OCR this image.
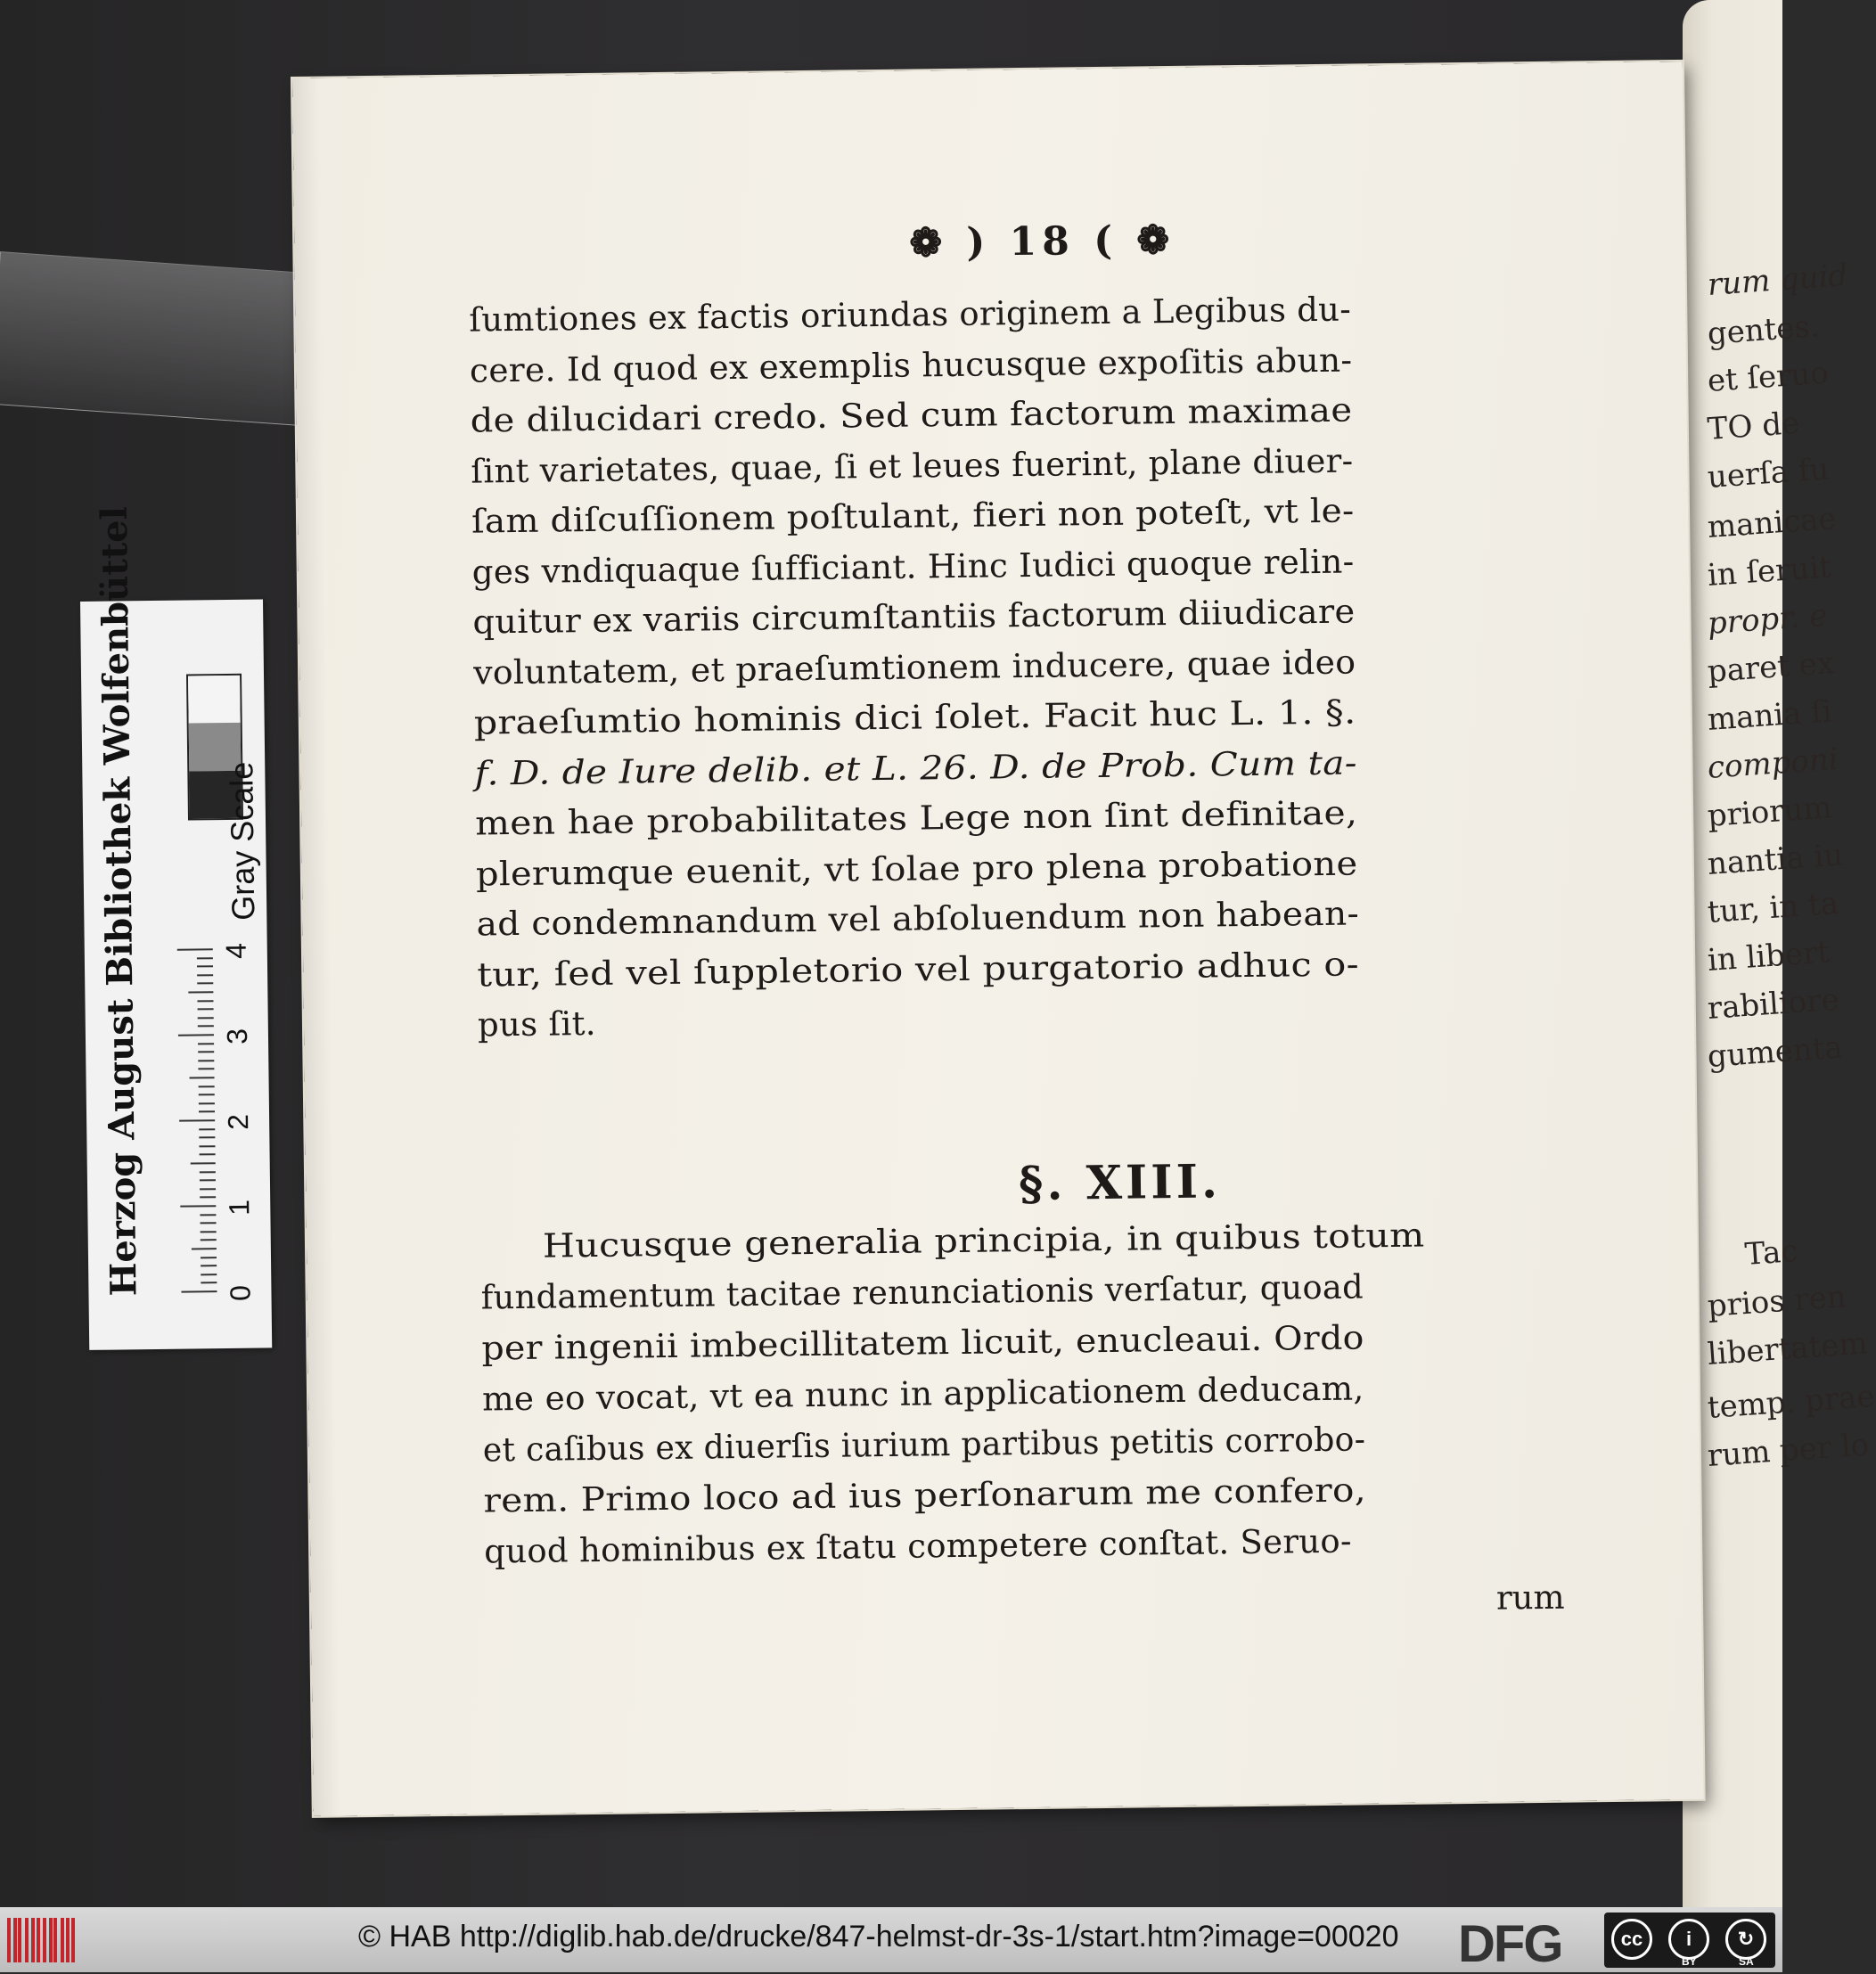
rum quid
gentes.
et ſeruo
TO de
uerſa fu
manicae
in ſeruit
propr. e
paret ex
mania ſi
componi
priorum
nantia iu
tur, in ta
in libert
rabiliore
gumenta
Tac
prios ren
libertatem
temp. prae
rum per lo
❁ ) 18 ( ❁
ſumtiones ex factis oriundas originem a Legibus du-
cere. Id quod ex exemplis hucusque expoſitis abun-
de dilucidari credo. Sed cum factorum maximae
ſint varietates, quae, ſi et leues fuerint, plane diuer-
ſam diſcuſſionem poſtulant, fieri non poteſt, vt le-
ges vndiquaque ſufficiant. Hinc Iudici quoque relin-
quitur ex variis circumſtantiis factorum diiudicare
voluntatem, et praeſumtionem inducere, quae ideo
praeſumtio hominis dici ſolet. Facit huc L. 1. §.
f. D. de Iure delib. et L. 26. D. de Prob. Cum ta-
men hae probabilitates Lege non ſint definitae,
plerumque euenit, vt ſolae pro plena probatione
ad condemnandum vel abſoluendum non habean-
tur, ſed vel ſuppletorio vel purgatorio adhuc o-
pus ſit.
§. XIII.
Hucusque generalia principia, in quibus totum
fundamentum tacitae renunciationis verſatur, quoad
per ingenii imbecillitatem licuit, enucleaui. Ordo
me eo vocat, vt ea nunc in applicationem deducam,
et caſibus ex diuerſis iurium partibus petitis corrobo-
rem. Primo loco ad ius perſonarum me confero,
quod hominibus ex ſtatu competere conſtat. Seruo-
rum
Herzog August Bibliothek Wolfenbüttel Gray Scale
0
1
2
3
4
© HAB http://diglib.hab.de/drucke/847-helmst-dr-3s-1/start.htm?image=00020 DFG	cc	i	↻
BY	SA
